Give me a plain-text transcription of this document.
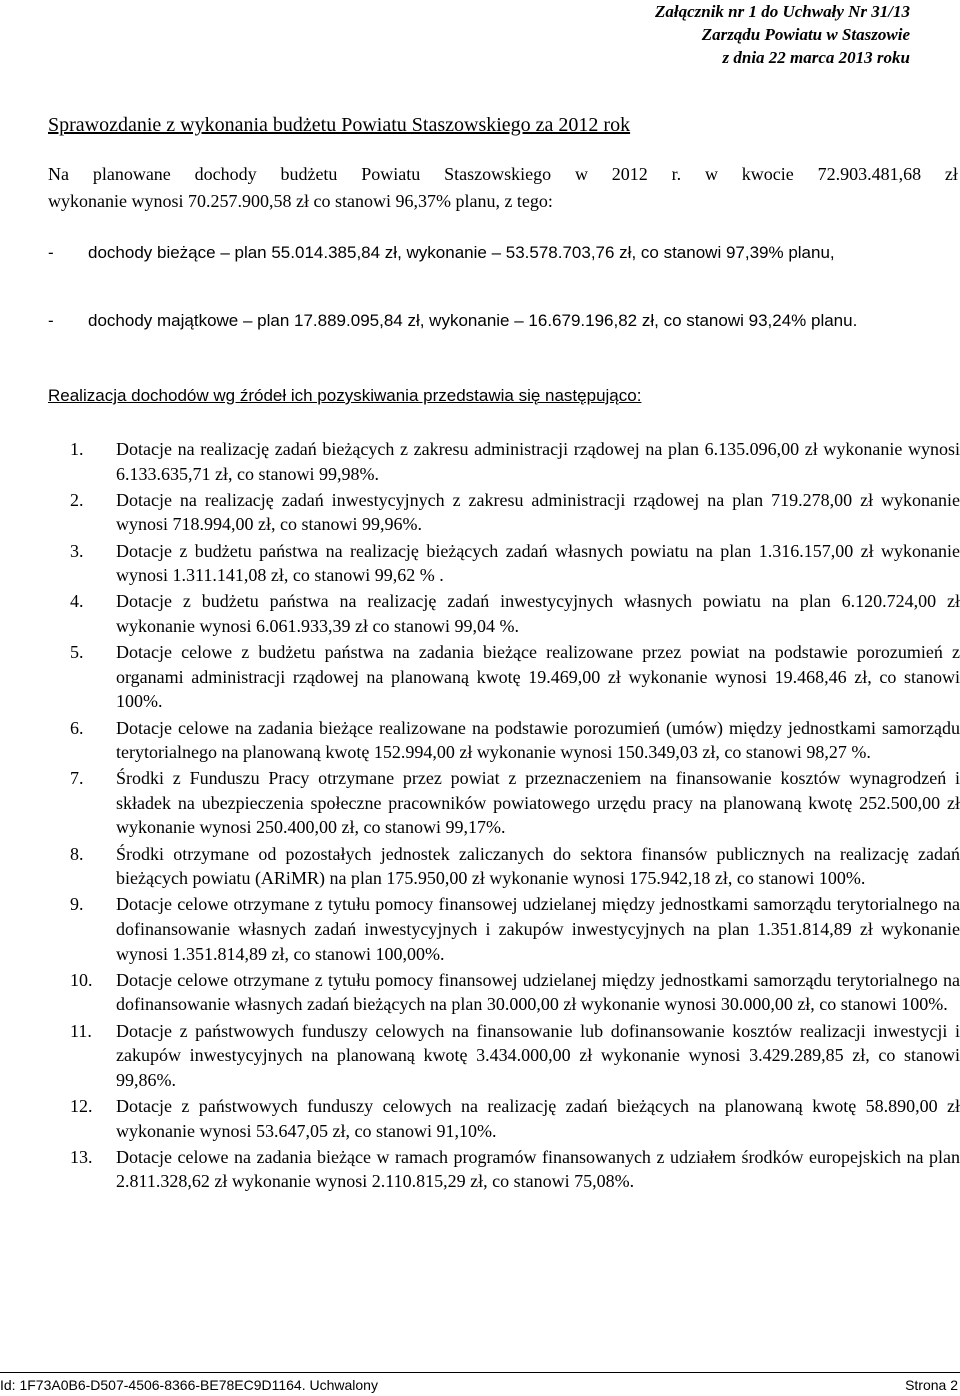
Załącznik nr 1 do Uchwały Nr 31/13
Zarządu Powiatu w Staszowie
z dnia 22 marca 2013 roku
Sprawozdanie z wykonania budżetu Powiatu Staszowskiego za 2012 rok
Na planowane dochody budżetu Powiatu Staszowskiego w 2012 r. w kwocie 72.903.481,68 zł
wykonanie wynosi 70.257.900,58 zł co stanowi 96,37% planu, z tego:
- dochody bieżące – plan 55.014.385,84 zł, wykonanie – 53.578.703,76 zł, co stanowi 97,39% planu,
- dochody majątkowe – plan 17.889.095,84 zł, wykonanie – 16.679.196,82 zł, co stanowi 93,24% planu.
Realizacja dochodów wg źródeł ich pozyskiwania przedstawia się następująco:
1.	Dotacje na realizację zadań bieżących z zakresu administracji rządowej na plan 6.135.096,00 zł wykonanie wynosi 6.133.635,71 zł, co stanowi 99,98%.
2.	Dotacje na realizację zadań inwestycyjnych z zakresu administracji rządowej na plan 719.278,00 zł wykonanie wynosi 718.994,00 zł, co stanowi 99,96%.
3.	Dotacje z budżetu państwa na realizację bieżących zadań własnych powiatu na plan 1.316.157,00 zł wykonanie wynosi 1.311.141,08 zł, co stanowi 99,62 % .
4.	Dotacje z budżetu państwa na realizację zadań inwestycyjnych własnych powiatu na plan 6.120.724,00 zł wykonanie wynosi 6.061.933,39 zł co stanowi 99,04 %.
5.	Dotacje celowe z budżetu państwa na zadania bieżące realizowane przez powiat na podstawie porozumień z organami administracji rządowej na planowaną kwotę 19.469,00 zł wykonanie wynosi 19.468,46 zł, co stanowi 100%.
6.	Dotacje celowe na zadania bieżące realizowane na podstawie porozumień (umów) między jednostkami samorządu terytorialnego na planowaną kwotę 152.994,00 zł wykonanie wynosi 150.349,03 zł, co stanowi 98,27 %.
7.	Środki z Funduszu Pracy otrzymane przez powiat z przeznaczeniem na finansowanie kosztów wynagrodzeń i składek na ubezpieczenia społeczne pracowników powiatowego urzędu pracy na planowaną kwotę 252.500,00 zł wykonanie wynosi 250.400,00 zł, co stanowi 99,17%.
8.	Środki otrzymane od pozostałych jednostek zaliczanych do sektora finansów publicznych na realizację zadań bieżących powiatu (ARiMR) na plan 175.950,00 zł wykonanie wynosi 175.942,18 zł, co stanowi 100%.
9.	Dotacje celowe otrzymane z tytułu pomocy finansowej udzielanej między jednostkami samorządu terytorialnego na dofinansowanie własnych zadań inwestycyjnych i zakupów inwestycyjnych na plan 1.351.814,89 zł wykonanie wynosi 1.351.814,89 zł, co stanowi 100,00%.
10.	Dotacje celowe otrzymane z tytułu pomocy finansowej udzielanej między jednostkami samorządu terytorialnego na dofinansowanie własnych zadań bieżących na plan 30.000,00 zł wykonanie wynosi 30.000,00 zł, co stanowi 100%.
11.	Dotacje z państwowych funduszy celowych na finansowanie lub dofinansowanie kosztów realizacji inwestycji i zakupów inwestycyjnych na planowaną kwotę 3.434.000,00 zł wykonanie wynosi 3.429.289,85 zł, co stanowi 99,86%.
12.	Dotacje z państwowych funduszy celowych na realizację zadań bieżących na planowaną kwotę 58.890,00 zł wykonanie wynosi 53.647,05 zł, co stanowi 91,10%.
13.	Dotacje celowe na zadania bieżące w ramach programów finansowanych z udziałem środków europejskich na plan 2.811.328,62 zł wykonanie wynosi 2.110.815,29 zł, co stanowi 75,08%.
Id: 1F73A0B6-D507-4506-8366-BE78EC9D1164. Uchwalony	Strona 2
